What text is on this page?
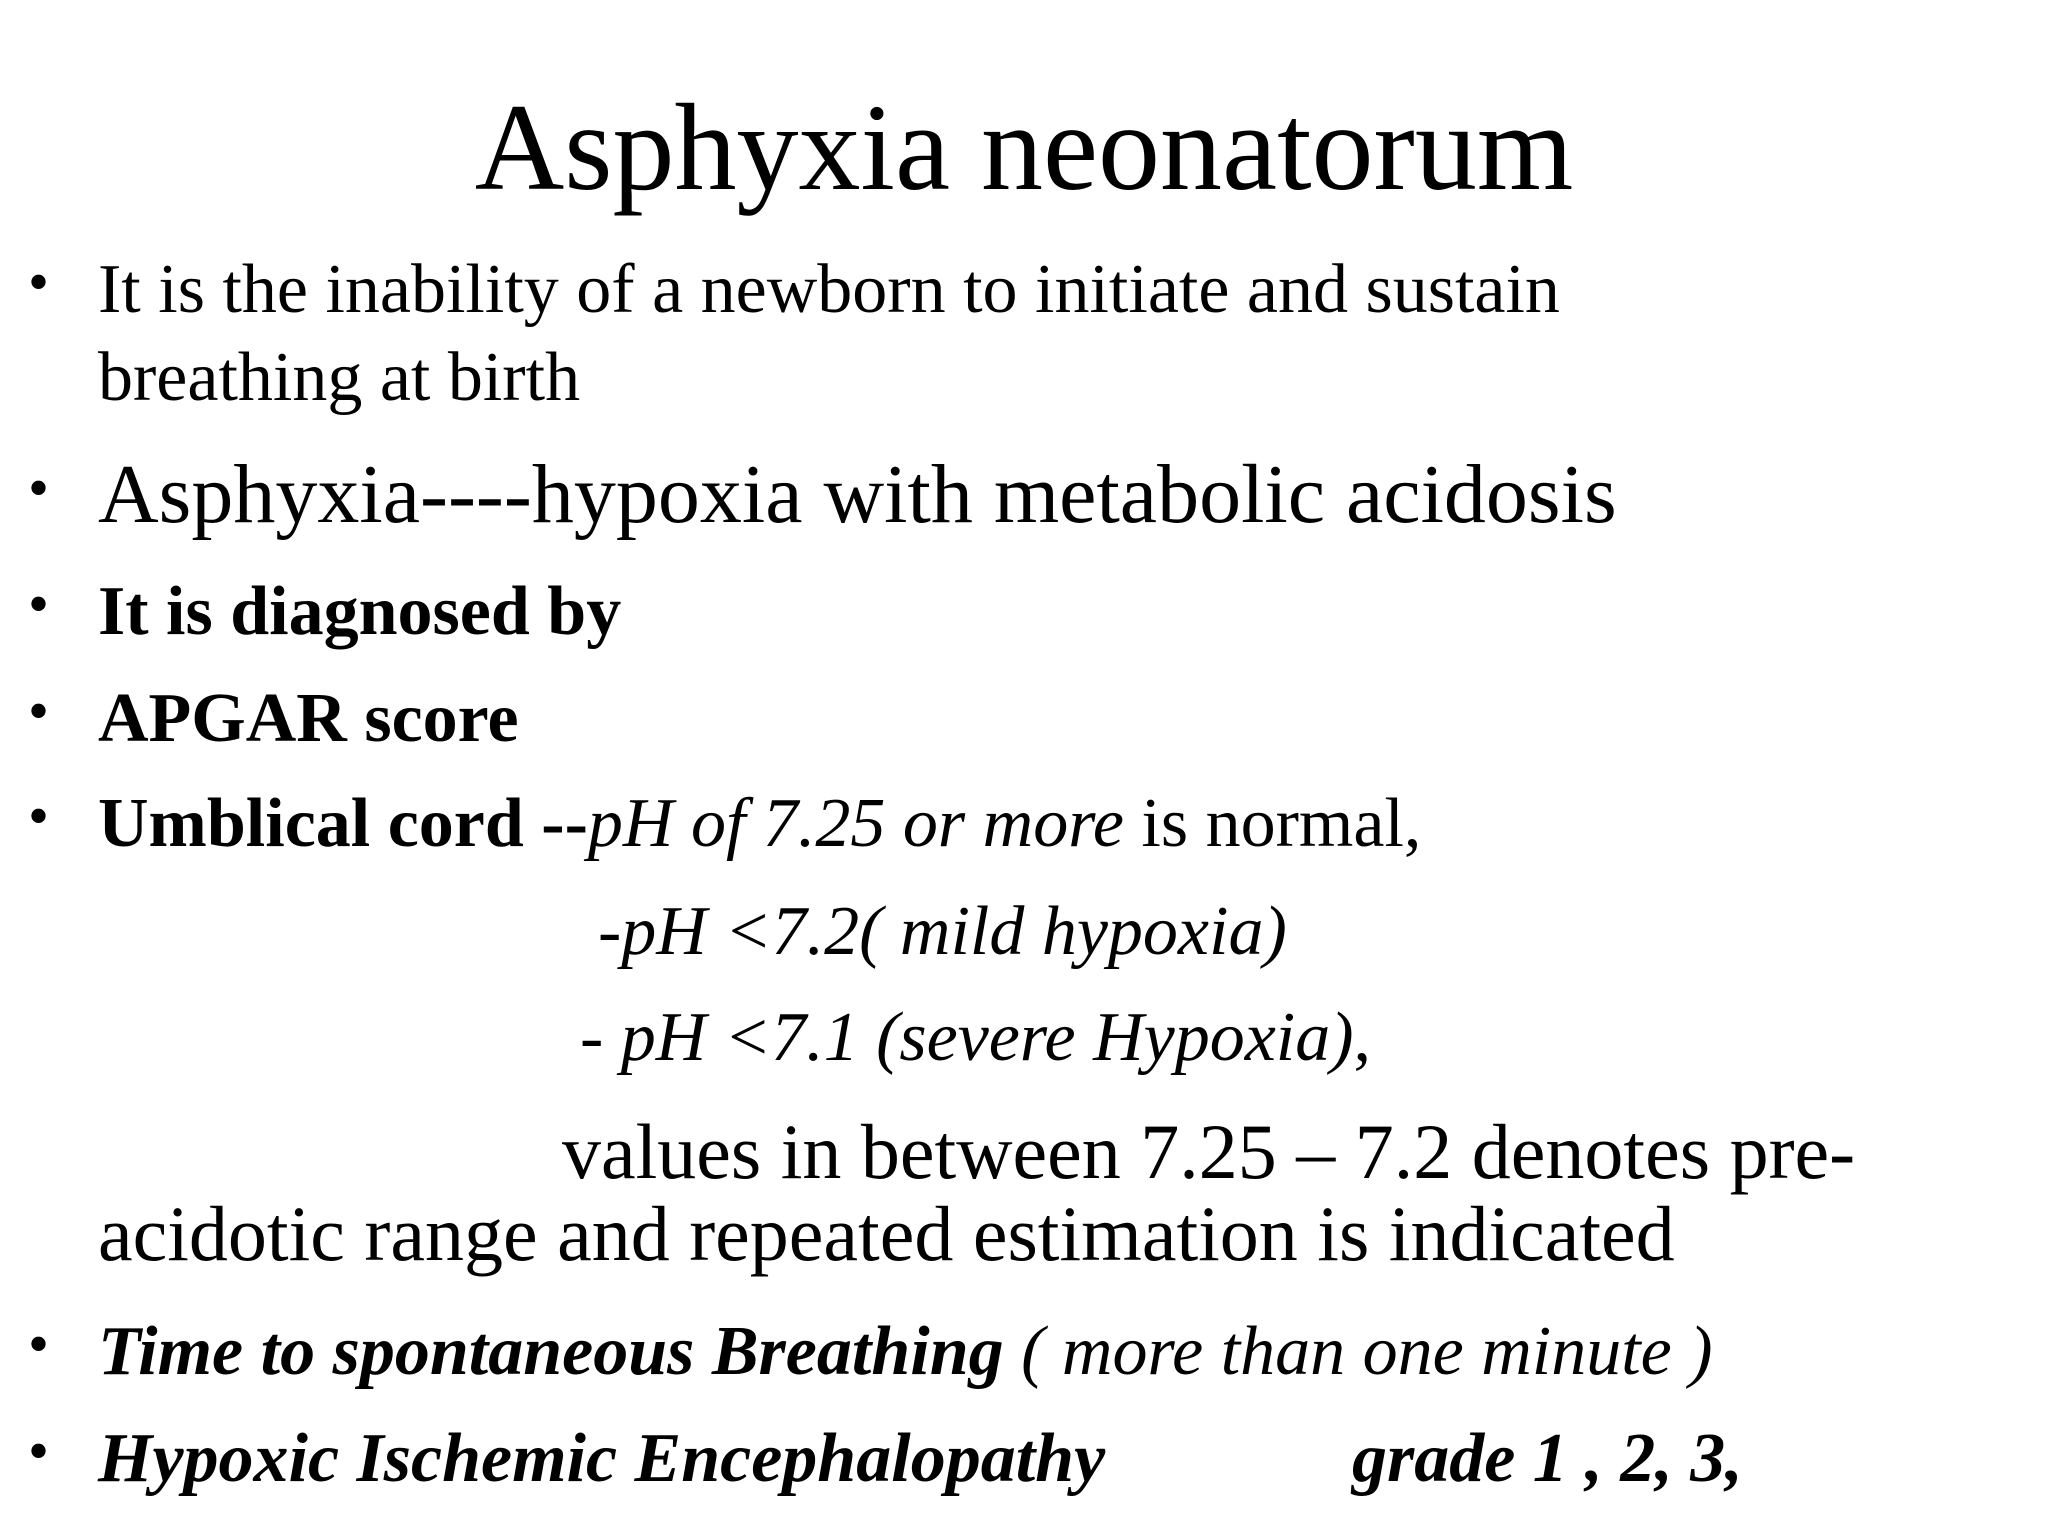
Asphyxia neonatorum
• It is the inability of a newborn to initiate and sustain
breathing at birth
• Asphyxia----hypoxia with metabolic acidosis
• It is diagnosed by
• APGAR score
• Umblical cord --pH of 7.25 or more is normal,
-pH <7.2( mild hypoxia)
- pH <7.1 (severe Hypoxia),
values in between 7.25 – 7.2 denotes pre-
acidotic range and repeated estimation is indicated
• Time to spontaneous Breathing ( more than one minute )
• Hypoxic Ischemic Encephalopathy	grade 1 , 2, 3,
